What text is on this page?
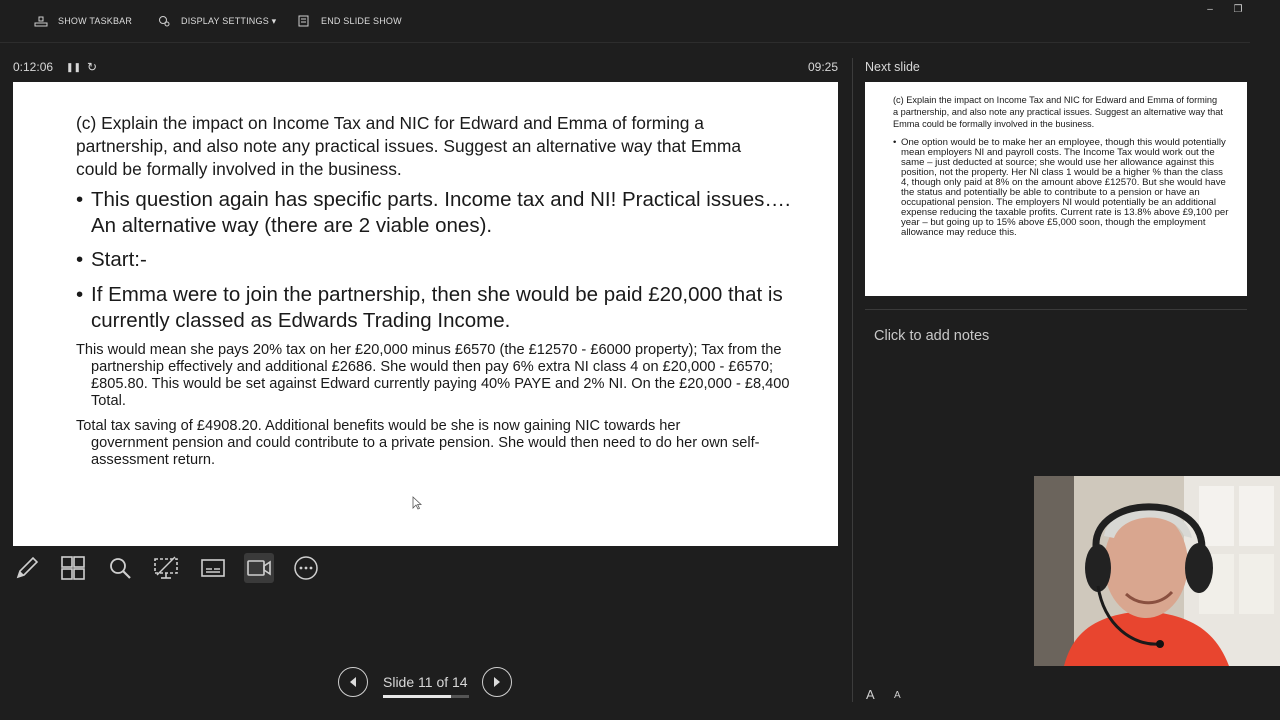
SHOW TASKBAR	DISPLAY SETTINGS ▾	END SLIDE SHOW
–	❐
0:12:06 ❚❚ ↻	09:25
(c) Explain the impact on Income Tax and NIC for Edward and Emma of forming a partnership, and also note any practical issues. Suggest an alternative way that Emma could be formally involved in the business.
• This question again has specific parts. Income tax and NI! Practical issues…. An alternative way (there are 2 viable ones).
• Start:-
• If Emma were to join the partnership, then she would be paid £20,000 that is currently classed as Edwards Trading Income.
This would mean she pays 20% tax on her £20,000 minus £6570 (the £12570 - £6000 property); Tax from the partnership effectively and additional £2686. She would then pay 6% extra NI class 4 on £20,000 - £6570; £805.80. This would be set against Edward currently paying 40% PAYE and 2% NI. On the £20,000 - £8,400 Total.
Total tax saving of £4908.20. Additional benefits would be she is now gaining NIC towards her government pension and could contribute to a private pension. She would then need to do her own self-assessment return.
Slide 11 of 14
Next slide
(c) Explain the impact on Income Tax and NIC for Edward and Emma of forming a partnership, and also note any practical issues. Suggest an alternative way that Emma could be formally involved in the business.
• One option would be to make her an employee, though this would potentially mean employers NI and payroll costs. The Income Tax would work out the same – just deducted at source; she would use her allowance against this position, not the property. Her NI class 1 would be a higher % than the class 4, though only paid at 8% on the amount above £12570. But she would have the status and potentially be able to contribute to a pension or have an occupational pension. The employers NI would potentially be an additional expense reducing the taxable profits. Current rate is 13.8% above £9,100 per year – but going up to 15% above £5,000 soon, though the employment allowance may reduce this.
Click to add notes
A A
